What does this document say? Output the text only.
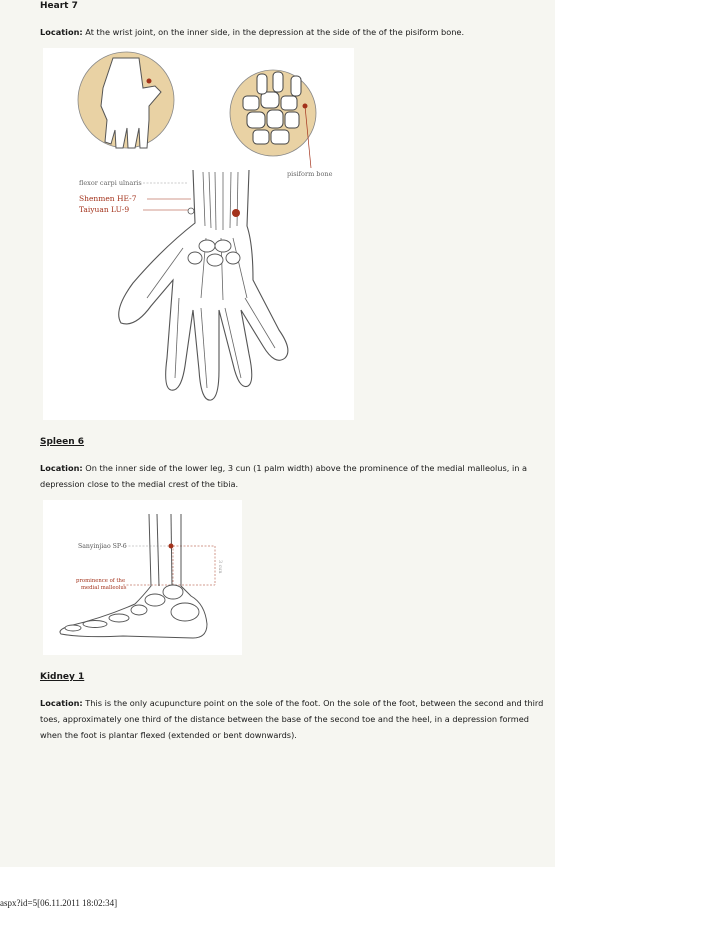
Heart 7
Location: At the wrist joint, on the inner side, in the depression at the side of the of the pisiform bone.
pisiform bone
flexor carpi ulnaris
Shenmen HE-7
Taiyuan LU-9
Spleen 6
Location: On the inner side of the lower leg, 3 cun (1 palm width) above the prominence of the medial malleolus, in a depression close to the medial crest of the tibia.
Sanyinjiao SP-6
prominence of the
medial malleolus
3 cun
Kidney 1
Location: This is the only acupuncture point on the sole of the foot. On the sole of the foot, between the second and third toes, approximately one third of the distance between the base of the second toe and the heel, in a depression formed when the foot is plantar flexed (extended or bent downwards).
aspx?id=5[06.11.2011 18:02:34]
